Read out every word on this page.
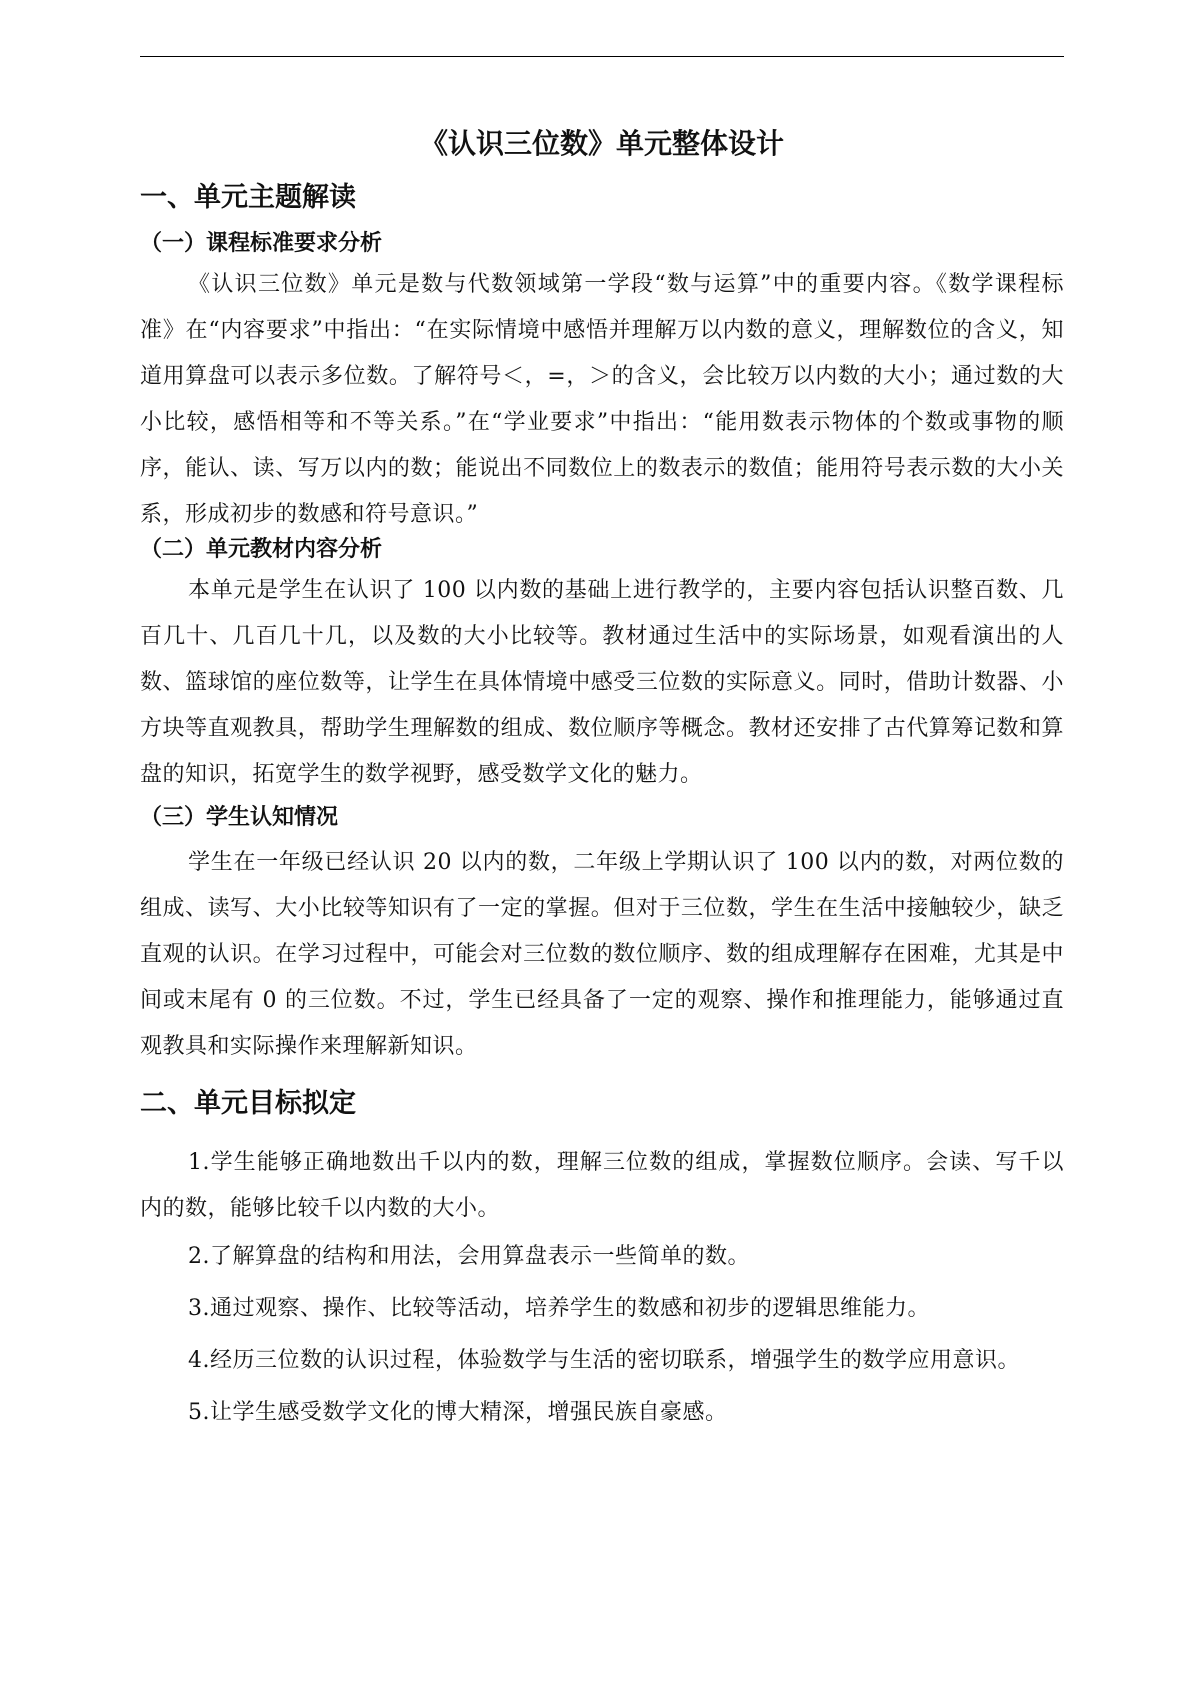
《认识三位数》单元整体设计
一、单元主题解读
（一）课程标准要求分析
《认识三位数》单元是数与代数领域第一学段“数与运算”中的重要内容。《数学课程标准》在“内容要求”中指出：“在实际情境中感悟并理解万以内数的意义，理解数位的含义，知道用算盘可以表示多位数。了解符号＜，=，＞的含义，会比较万以内数的大小；通过数的大小比较，感悟相等和不等关系。”在“学业要求”中指出：“能用数表示物体的个数或事物的顺序，能认、读、写万以内的数；能说出不同数位上的数表示的数值；能用符号表示数的大小关系，形成初步的数感和符号意识。”
（二）单元教材内容分析
本单元是学生在认识了 100 以内数的基础上进行教学的，主要内容包括认识整百数、几百几十、几百几十几，以及数的大小比较等。教材通过生活中的实际场景，如观看演出的人数、篮球馆的座位数等，让学生在具体情境中感受三位数的实际意义。同时，借助计数器、小方块等直观教具，帮助学生理解数的组成、数位顺序等概念。教材还安排了古代算筹记数和算盘的知识，拓宽学生的数学视野，感受数学文化的魅力。
（三）学生认知情况
学生在一年级已经认识 20 以内的数，二年级上学期认识了 100 以内的数，对两位数的组成、读写、大小比较等知识有了一定的掌握。但对于三位数，学生在生活中接触较少，缺乏直观的认识。在学习过程中，可能会对三位数的数位顺序、数的组成理解存在困难，尤其是中间或末尾有 0 的三位数。不过，学生已经具备了一定的观察、操作和推理能力，能够通过直观教具和实际操作来理解新知识。
二、单元目标拟定
1.学生能够正确地数出千以内的数，理解三位数的组成，掌握数位顺序。会读、写千以内的数，能够比较千以内数的大小。
2.了解算盘的结构和用法，会用算盘表示一些简单的数。
3.通过观察、操作、比较等活动，培养学生的数感和初步的逻辑思维能力。
4.经历三位数的认识过程，体验数学与生活的密切联系，增强学生的数学应用意识。
5.让学生感受数学文化的博大精深，增强民族自豪感。
